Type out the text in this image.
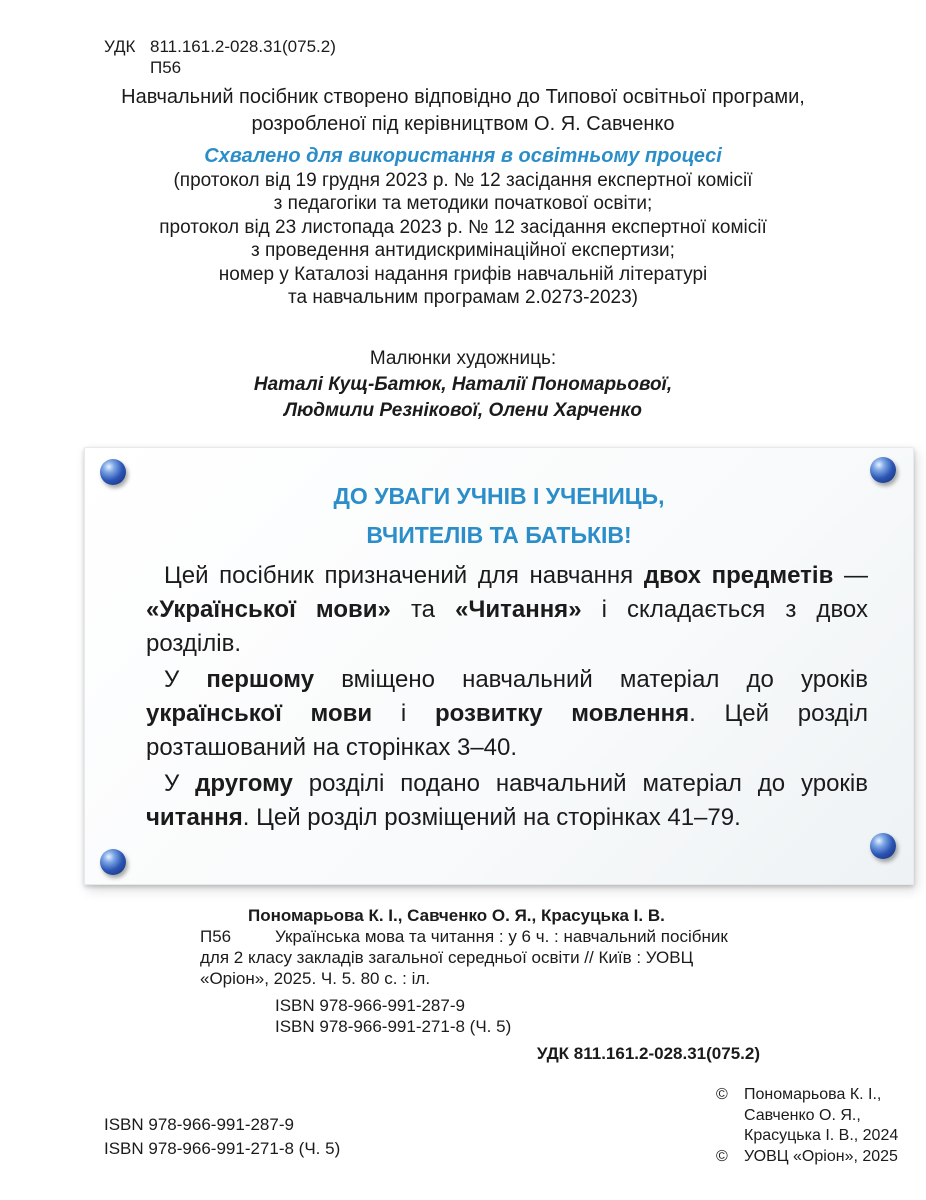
УДК 811.161.2-028.31(075.2)
П56
Навчальний посібник створено відповідно до Типової освітньої програми,
розробленої під керівництвом О. Я. Савченко
Схвалено для використання в освітньому процесі
(протокол від 19 грудня 2023 р. № 12 засідання експертної комісії
з педагогіки та методики початкової освіти;
протокол від 23 листопада 2023 р. № 12 засідання експертної комісії
з проведення антидискримінаційної експертизи;
номер у Каталозі надання грифів навчальній літературі
та навчальним програмам 2.0273-2023)
Малюнки художниць:
Наталі Кущ-Батюк, Наталії Пономарьової,
Людмили Резнікової, Олени Харченко
ДО УВАГИ УЧНІВ І УЧЕНИЦЬ,
ВЧИТЕЛІВ ТА БАТЬКІВ!

Цей посібник призначений для навчання двох предметів — «Української мови» та «Читання» і складається з двох розділів.

У першому вміщено навчальний матеріал до уроків української мови і розвитку мовлення. Цей розділ розташований на сторінках 3–40.

У другому розділі подано навчальний матеріал до уроків читання. Цей розділ розміщений на сторінках 41–79.

Пономарьова К. І., Савченко О. Я., Красуцька І. В.
П56	Українська мова та читання : у 6 ч. : навчальний посібник
для 2 класу закладів загальної середньої освіти // Київ : УОВЦ
«Оріон», 2025. Ч. 5. 80 с. : іл.
ISBN 978-966-991-287-9
ISBN 978-966-991-271-8 (Ч. 5)
УДК 811.161.2-028.31(075.2)
ISBN 978-966-991-287-9
ISBN 978-966-991-271-8 (Ч. 5)
©	Пономарьова К. І.,
Савченко О. Я.,
Красуцька І. В., 2024
©	УОВЦ «Оріон», 2025
